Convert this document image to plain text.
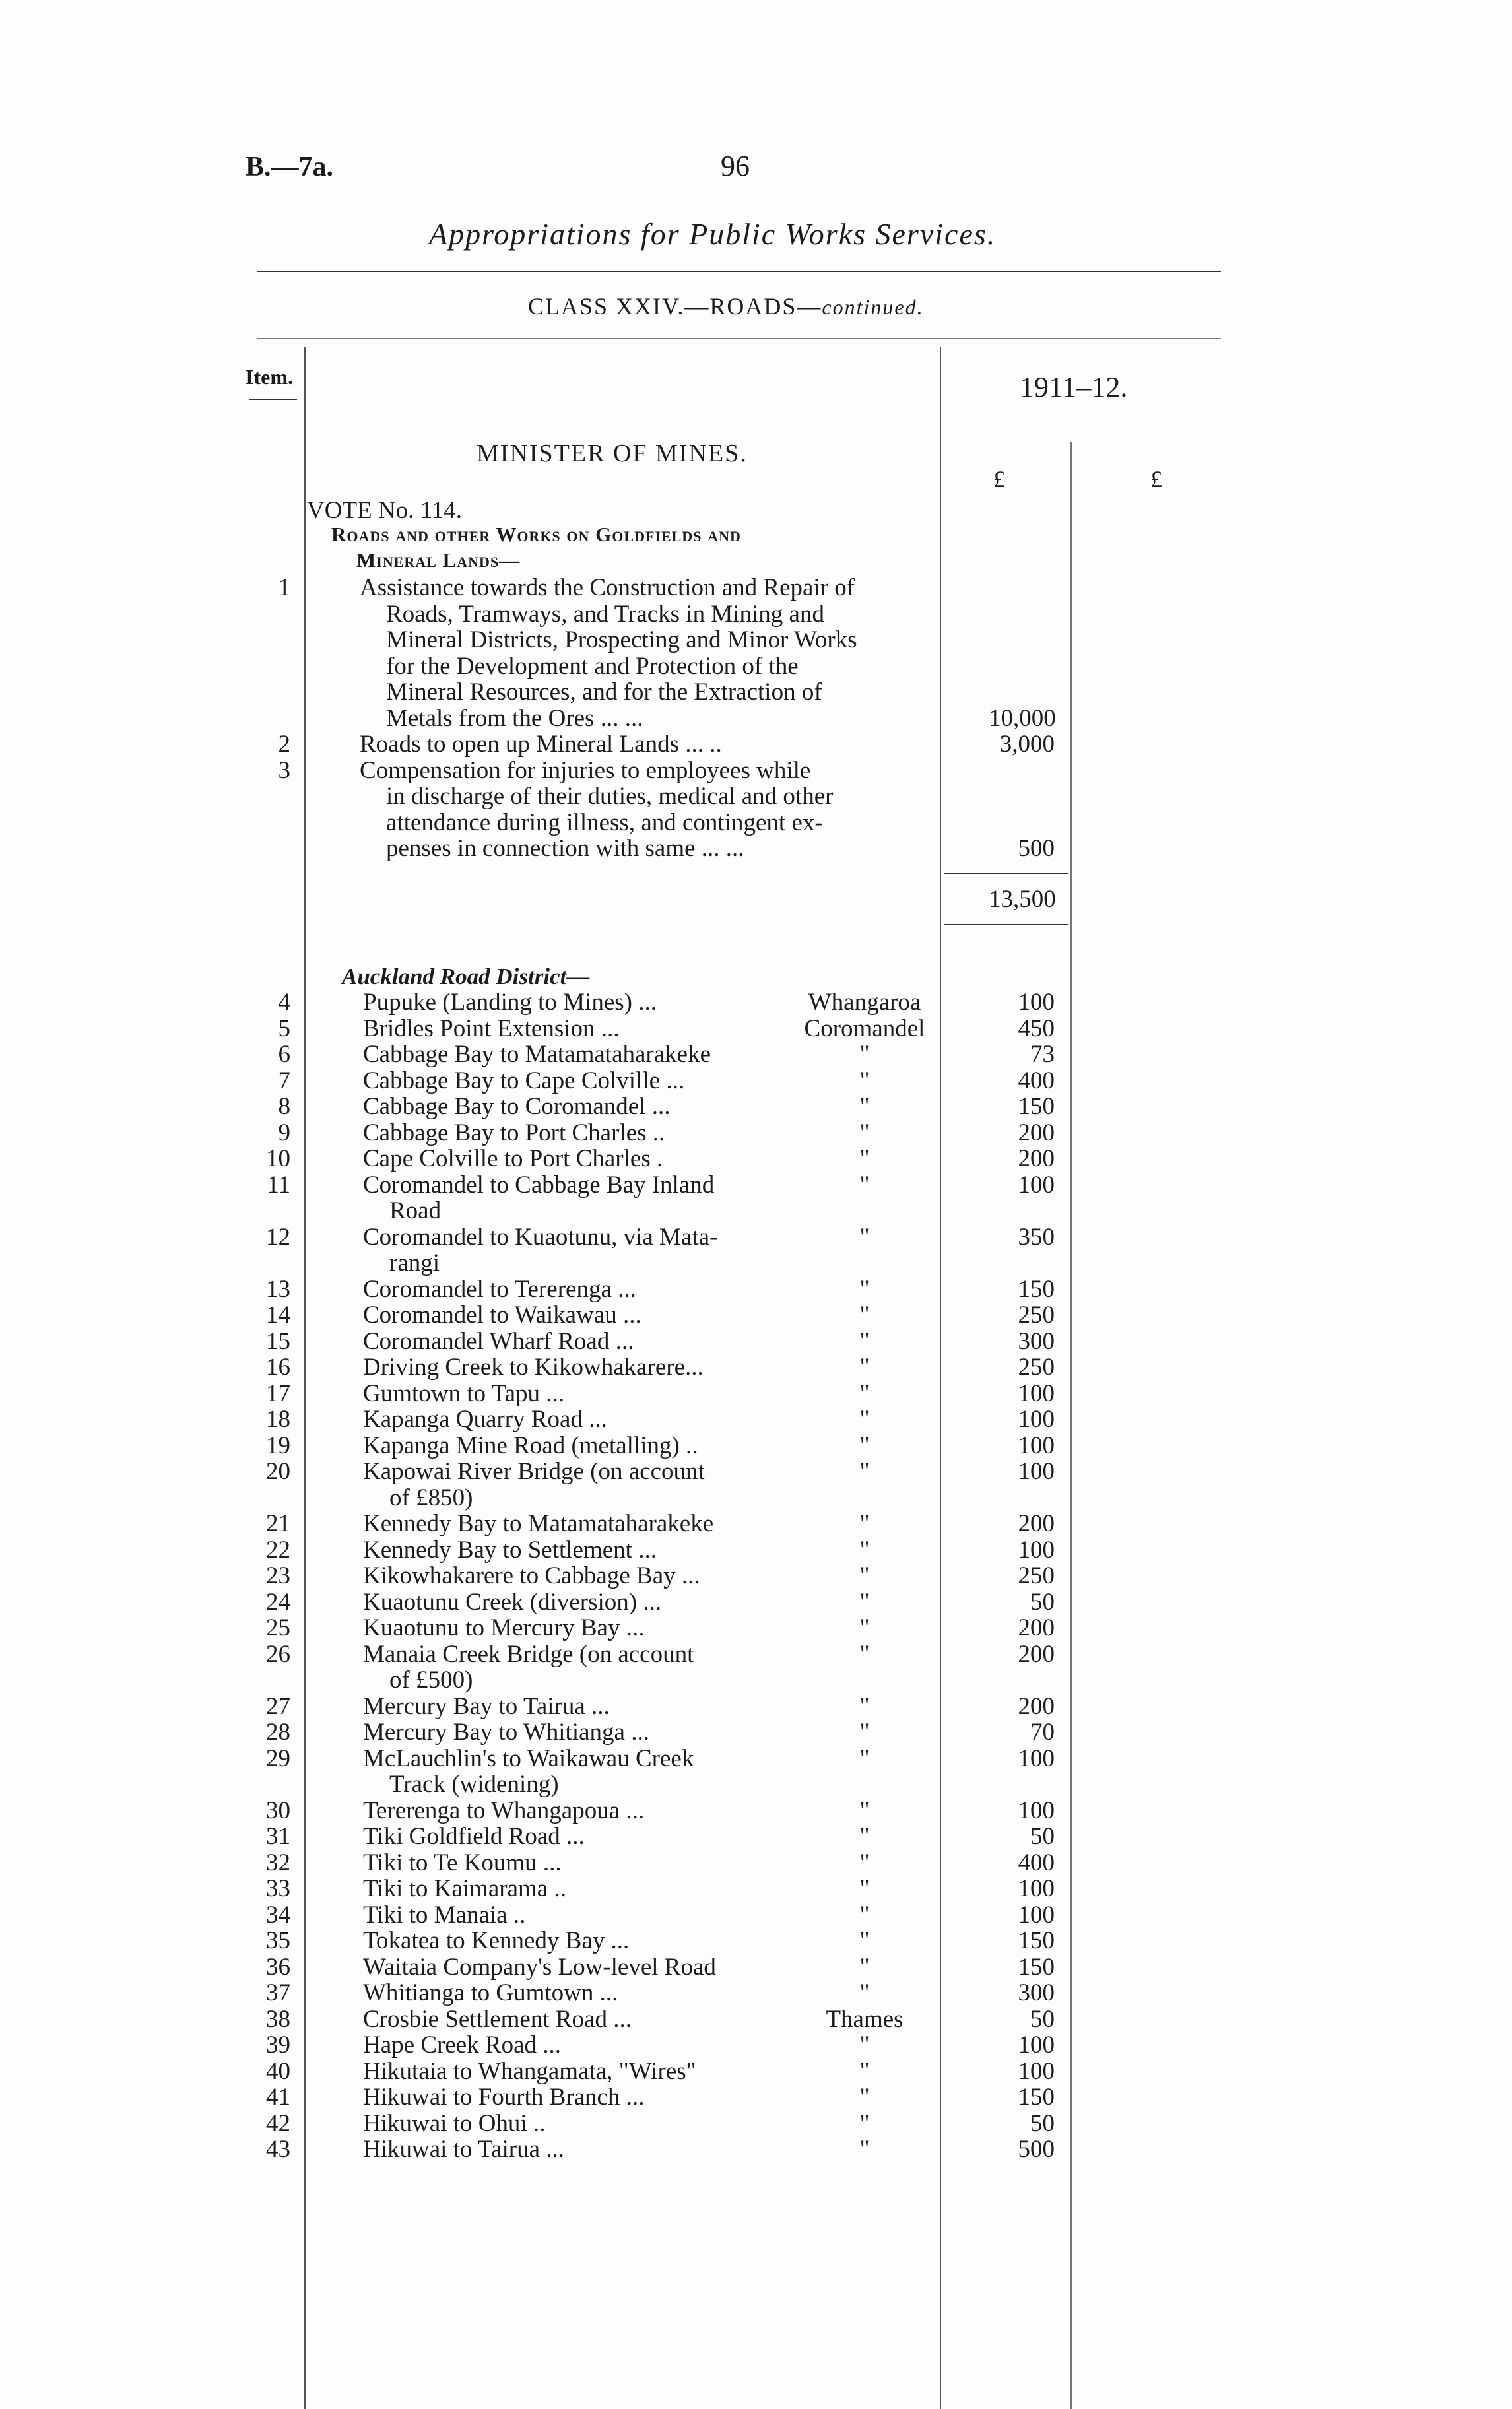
B.—7a.	96
Appropriations for Public Works Services.
CLASS XXIV.—ROADS—continued.
Item.	1911–12.
£	£
MINISTER OF MINES.
VOTE No. 114.
Roads and other Works on Goldfields and
Mineral Lands—
1	Assistance towards the Construction and Repair of
Roads, Tramways, and Tracks in Mining and
Mineral Districts, Prospecting and Minor Works
for the Development and Protection of the
Mineral Resources, and for the Extraction of
Metals from the Ores ... ...	10,000
2	Roads to open up Mineral Lands ... ..	3,000
3	Compensation for injuries to employees while
in discharge of their duties, medical and other
attendance during illness, and contingent ex-
penses in connection with same ... ...	500
13,500
Auckland Road District—
4	Pupuke (Landing to Mines) ...	Whangaroa	100
5	Bridles Point Extension ...	Coromandel	450
6	Cabbage Bay to Matamataharakeke	"	73
7	Cabbage Bay to Cape Colville ...	"	400
8	Cabbage Bay to Coromandel ...	"	150
9	Cabbage Bay to Port Charles ..	"	200
10	Cape Colville to Port Charles .	"	200
11	Coromandel to Cabbage Bay Inland
Road
"	100
12	Coromandel to Kuaotunu, via Mata-
rangi
"	350
13	Coromandel to Tererenga ...	"	150
14	Coromandel to Waikawau ...	"	250
15	Coromandel Wharf Road ...	"	300
16	Driving Creek to Kikowhakarere...	"	250
17	Gumtown to Tapu ...	"	100
18	Kapanga Quarry Road ...	"	100
19	Kapanga Mine Road (metalling) ..	"	100
20	Kapowai River Bridge (on account
of £850)
"	100
21	Kennedy Bay to Matamataharakeke	"	200
22	Kennedy Bay to Settlement ...	"	100
23	Kikowhakarere to Cabbage Bay ...	"	250
24	Kuaotunu Creek (diversion) ...	"	50
25	Kuaotunu to Mercury Bay ...	"	200
26	Manaia Creek Bridge (on account
of £500)
"	200
27	Mercury Bay to Tairua ...	"	200
28	Mercury Bay to Whitianga ...	"	70
29	McLauchlin's to Waikawau Creek
Track (widening)
"	100
30	Tererenga to Whangapoua ...	"	100
31	Tiki Goldfield Road ...	"	50
32	Tiki to Te Koumu ...	"	400
33	Tiki to Kaimarama ..	"	100
34	Tiki to Manaia ..	"	100
35	Tokatea to Kennedy Bay ...	"	150
36	Waitaia Company's Low-level Road	"	150
37	Whitianga to Gumtown ...	"	300
38	Crosbie Settlement Road ...	Thames	50
39	Hape Creek Road ...	"	100
40	Hikutaia to Whangamata, "Wires"	"	100
41	Hikuwai to Fourth Branch ...	"	150
42	Hikuwai to Ohui ..	"	50
43	Hikuwai to Tairua ...	"	500
